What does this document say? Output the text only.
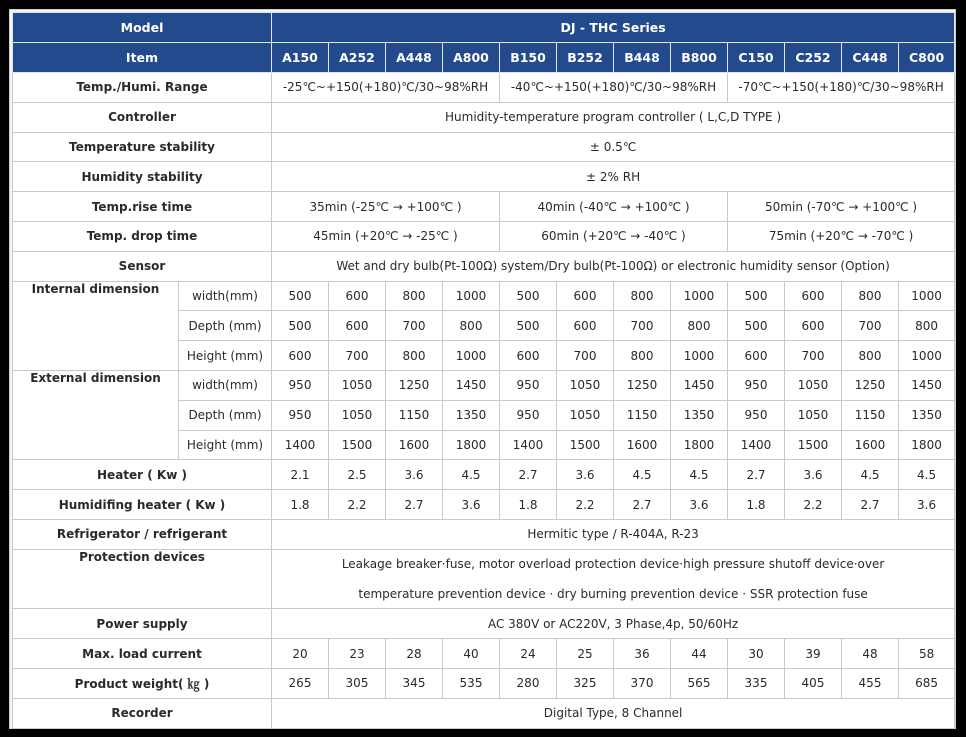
Model		DJ - THC Series											
Item		A150	A252	A448	A800	B150	B252	B448	B800	C150	C252	C448	C800
Temp./Humi. Range		-25℃~+150(+180)℃/30~98%RH				-40℃~+150(+180)℃/30~98%RH				-70℃~+150(+180)℃/30~98%RH			
Controller		Humidity-temperature program controller ( L,C,D TYPE )											
Temperature stability		± 0.5℃											
Humidity stability		± 2% RH											
Temp.rise time		35min (-25℃ → +100℃ )				40min (-40℃ → +100℃ )				50min (-70℃ → +100℃ )			
Temp. drop time		45min (+20℃ → -25℃ )				60min (+20℃ → -40℃ )				75min (+20℃ → -70℃ )			
Sensor		Wet and dry bulb(Pt-100Ω) system/Dry bulb(Pt-100Ω) or electronic humidity sensor (Option)											
Internal dimension	width(mm)	500	600	800	1000	500	600	800	1000	500	600	800	1000
	Depth (mm)	500	600	700	800	500	600	700	800	500	600	700	800
	Height (mm)	600	700	800	1000	600	700	800	1000	600	700	800	1000
External dimension	width(mm)	950	1050	1250	1450	950	1050	1250	1450	950	1050	1250	1450
	Depth (mm)	950	1050	1150	1350	950	1050	1150	1350	950	1050	1150	1350
	Height (mm)	1400	1500	1600	1800	1400	1500	1600	1800	1400	1500	1600	1800
Heater ( Kw )		2.1	2.5	3.6	4.5	2.7	3.6	4.5	4.5	2.7	3.6	4.5	4.5
Humidifing heater ( Kw )		1.8	2.2	2.7	3.6	1.8	2.2	2.7	3.6	1.8	2.2	2.7	3.6
Refrigerator / refrigerant		Hermitic type / R-404A, R-23											
Protection devices		Leakage breaker·fuse, motor overload protection device·high pressure shutoff device·over											
		temperature prevention device · dry burning prevention device · SSR protection fuse											
Power supply		AC 380V or AC220V, 3 Phase,4p, 50/60Hz											
Max. load current		20	23	28	40	24	25	36	44	30	39	48	58
Product weight( ㎏ )		265	305	345	535	280	325	370	565	335	405	455	685
Recorder		Digital Type, 8 Channel											
